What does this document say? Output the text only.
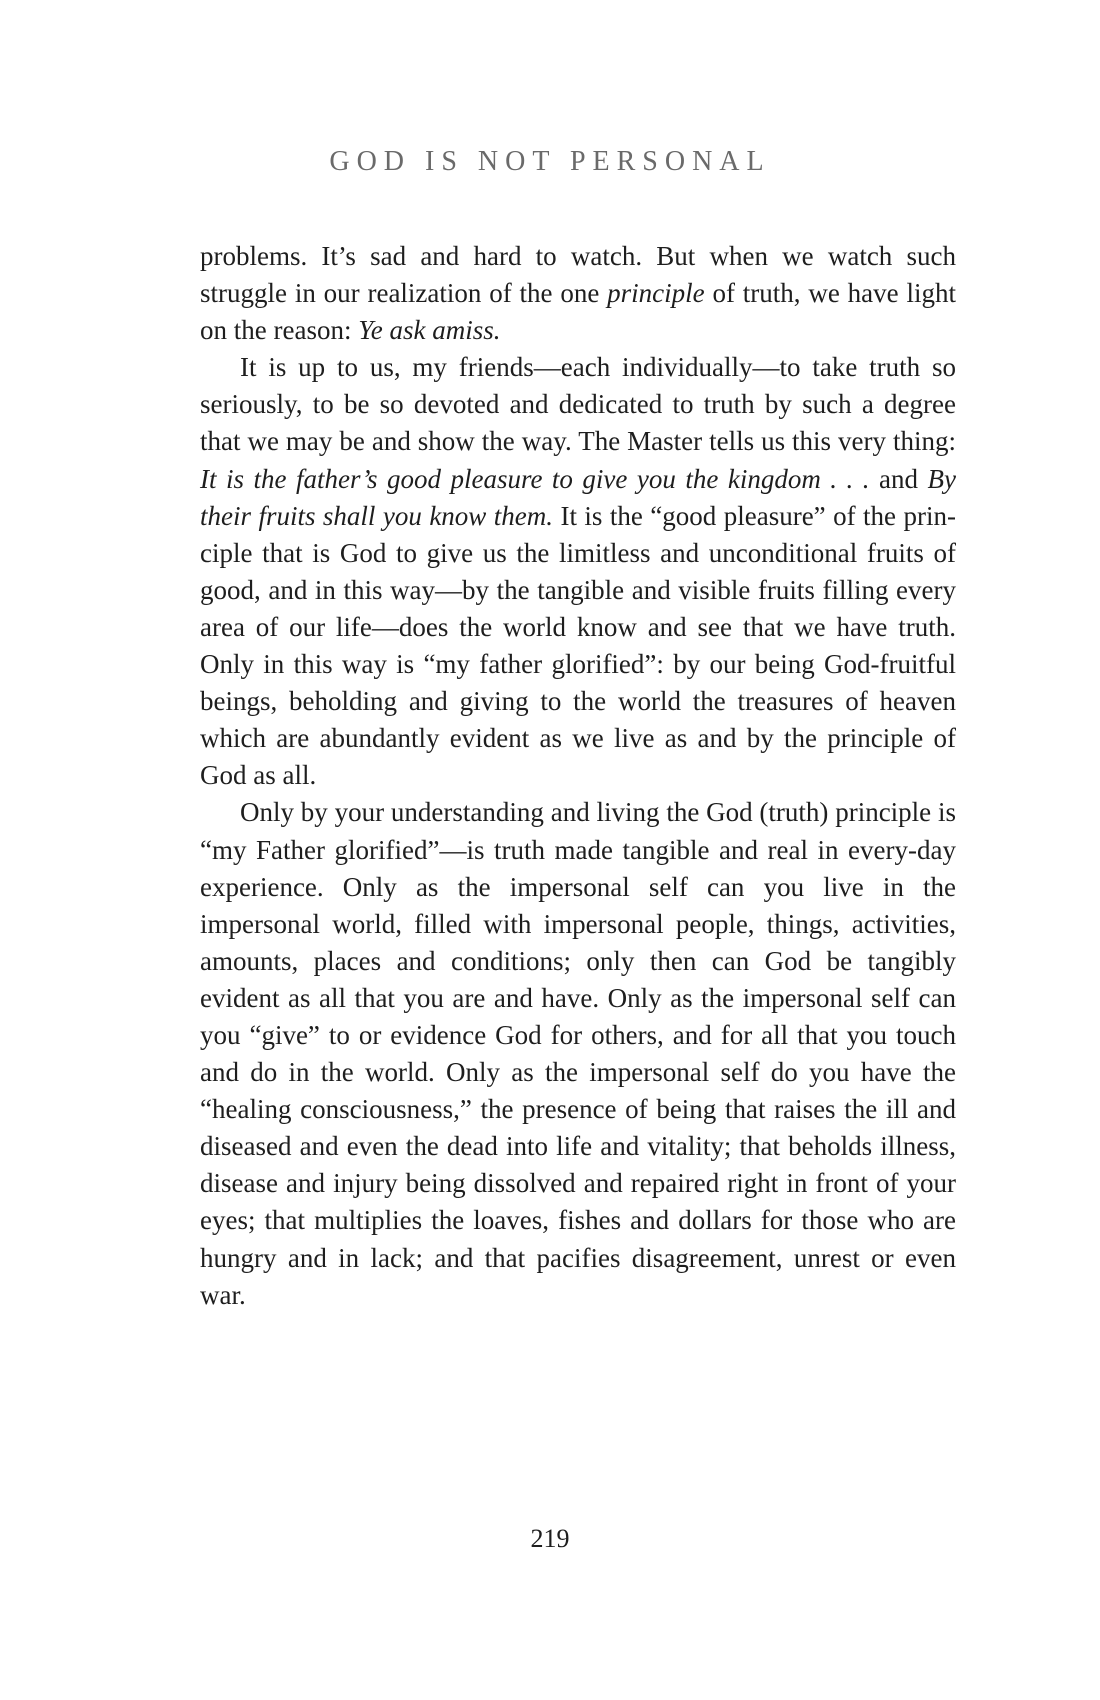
GOD IS NOT PERSONAL

problems. It’s sad and hard to watch. But when we watch such struggle in our realization of the one principle of truth, we have light on the reason: Ye ask amiss.

It is up to us, my friends—each individually—to take truth so seriously, to be so devoted and dedicated to truth by such a degree that we may be and show the way. The Master tells us this very thing: It is the father’s good pleasure to give you the kingdom . . . and By their fruits shall you know them. It is the “good pleasure” of the principle that is God to give us the limitless and unconditional fruits of good, and in this way—by the tangible and visible fruits filling every area of our life—does the world know and see that we have truth. Only in this way is “my father glorified”: by our being God-fruitful beings, beholding and giving to the world the treasures of heaven which are abundantly evident as we live as and by the principle of God as all.

Only by your understanding and living the God (truth) principle is “my Father glorified”—is truth made tangible and real in every-day experience. Only as the impersonal self can you live in the impersonal world, filled with impersonal people, things, activities, amounts, places and conditions; only then can God be tangibly evident as all that you are and have. Only as the impersonal self can you “give” to or evidence God for others, and for all that you touch and do in the world. Only as the impersonal self do you have the “healing consciousness,” the presence of being that raises the ill and diseased and even the dead into life and vitality; that beholds illness, disease and injury being dissolved and repaired right in front of your eyes; that multiplies the loaves, fishes and dollars for those who are hungry and in lack; and that pacifies disagreement, unrest or even war.

219
